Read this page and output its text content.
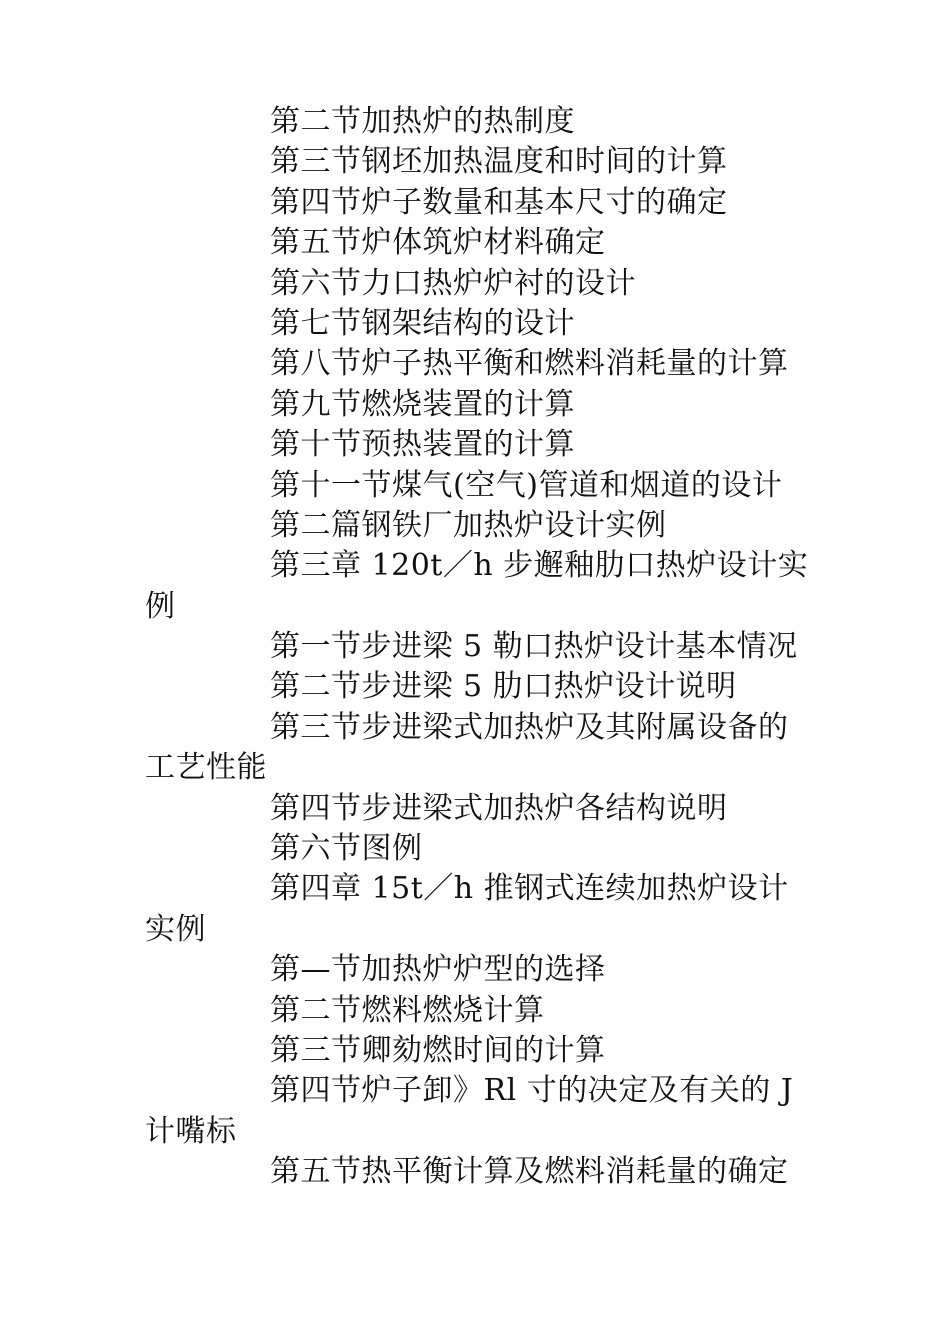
第二节加热炉的热制度
第三节钢坯加热温度和时间的计算
第四节炉子数量和基本尺寸的确定
第五节炉体筑炉材料确定
第六节力口热炉炉衬的设计
第七节钢架结构的设计
第八节炉子热平衡和燃料消耗量的计算
第九节燃烧装置的计算
第十节预热装置的计算
第十一节煤气(空气)管道和烟道的设计
第二篇钢铁厂加热炉设计实例
第三章 120t／h 步邂釉肋口热炉设计实
例
第一节步进梁 5 勒口热炉设计基本情况
第二节步进梁 5 肋口热炉设计说明
第三节步进梁式加热炉及其附属设备的
工艺性能
第四节步进梁式加热炉各结构说明
第六节图例
第四章 15t／h 推钢式连续加热炉设计
实例
第—节加热炉炉型的选择
第二节燃料燃烧计算
第三节卿劾燃时间的计算
第四节炉子卸》Rl 寸的决定及有关的 J
计嘴标
第五节热平衡计算及燃料消耗量的确定
